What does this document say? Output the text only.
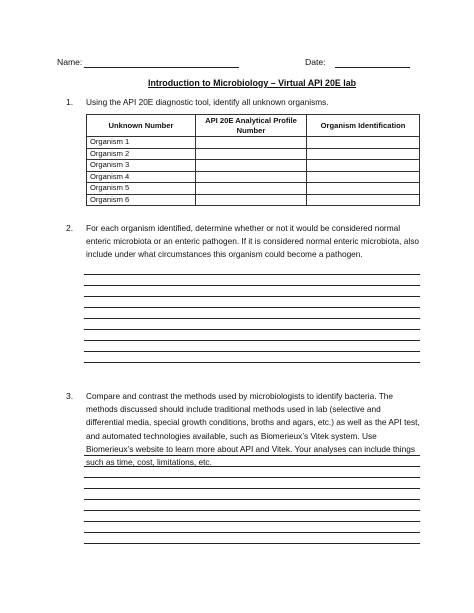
Name:	Date:
Introduction to Microbiology – Virtual API 20E lab
1.	Using the API 20E diagnostic tool, identify all unknown organisms.
Unknown Number	API 20E Analytical Profile Number	Organism Identification
Organism 1		
Organism 2		
Organism 3		
Organism 4		
Organism 5		
Organism 6		
2.	For each organism identified, determine whether or not it would be considered normal enteric microbiota or an enteric pathogen. If it is considered normal enteric microbiota, also include under what circumstances this organism could become a pathogen.
3.	Compare and contrast the methods used by microbiologists to identify bacteria. The methods discussed should include traditional methods used in lab (selective and differential media, special growth conditions, broths and agars, etc.) as well as the API test, and automated technologies available, such as Biomerieux’s Vitek system. Use Biomerieux’s website to learn more about API and Vitek. Your analyses can include things such as time, cost, limitations, etc.
